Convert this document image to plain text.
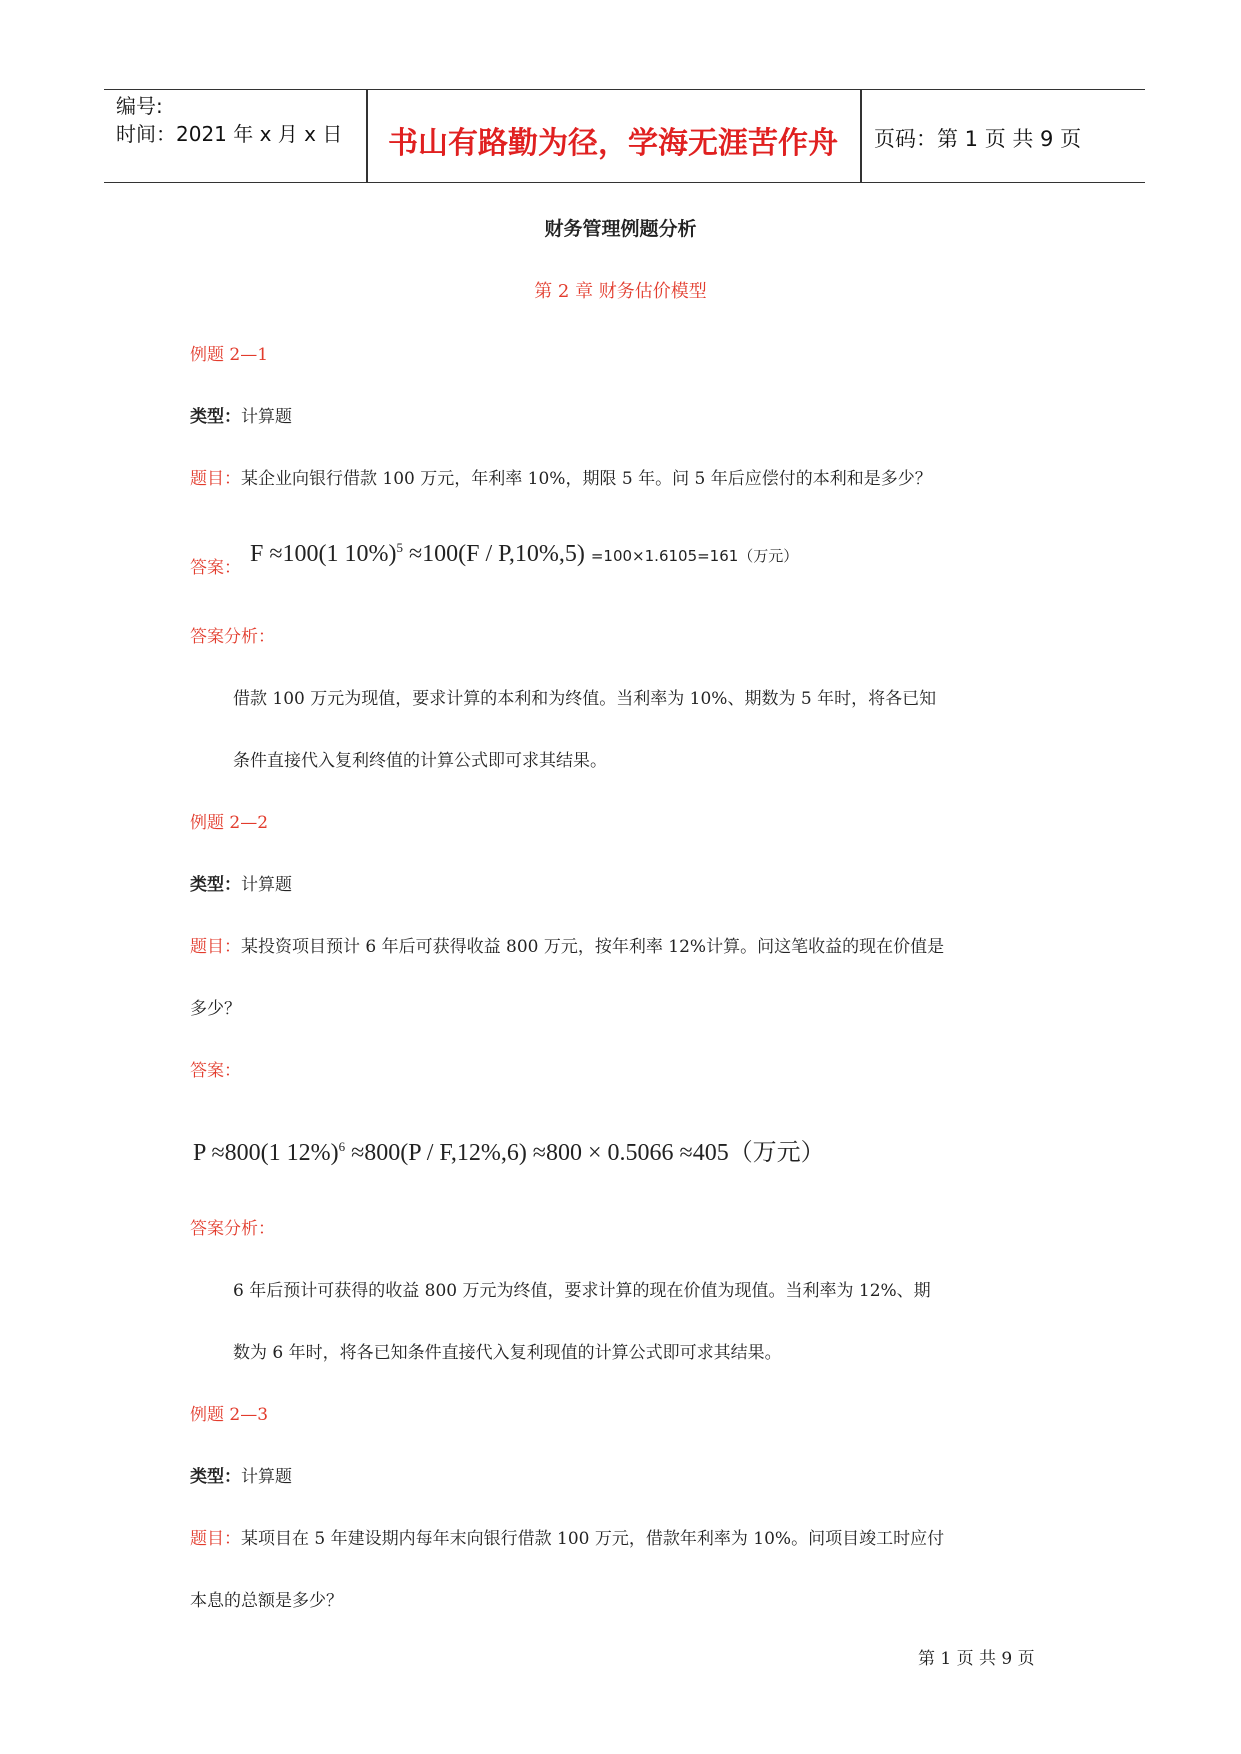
编号:
时间：2021 年 x 月 x 日	书山有路勤为径，学海无涯苦作舟	页码：第 1 页 共 9 页
财务管理例题分析
第 2 章 财务估价模型
例题 2—1
类型：计算题
题目：某企业向银行借款 100 万元，年利率 10%，期限 5 年。问 5 年后应偿付的本利和是多少？
答案：
F ≈100(1 10%)$^5$ ≈100(F / P,10%,5) =100×1.6105=161（万元）
答案分析：
借款 100 万元为现值，要求计算的本利和为终值。当利率为 10%、期数为 5 年时，将各已知
条件直接代入复利终值的计算公式即可求其结果。
例题 2—2
类型：计算题
题目：某投资项目预计 6 年后可获得收益 800 万元，按年利率 12%计算。问这笔收益的现在价值是
多少？
答案：
P ≈800(1 12%)$^6$ ≈800(P / F,12%,6) ≈800 × 0.5066 ≈405（万元）
答案分析：
6 年后预计可获得的收益 800 万元为终值，要求计算的现在价值为现值。当利率为 12%、期
数为 6 年时，将各已知条件直接代入复利现值的计算公式即可求其结果。
例题 2—3
类型：计算题
题目：某项目在 5 年建设期内每年末向银行借款 100 万元，借款年利率为 10%。问项目竣工时应付
本息的总额是多少？
第 1 页 共 9 页
